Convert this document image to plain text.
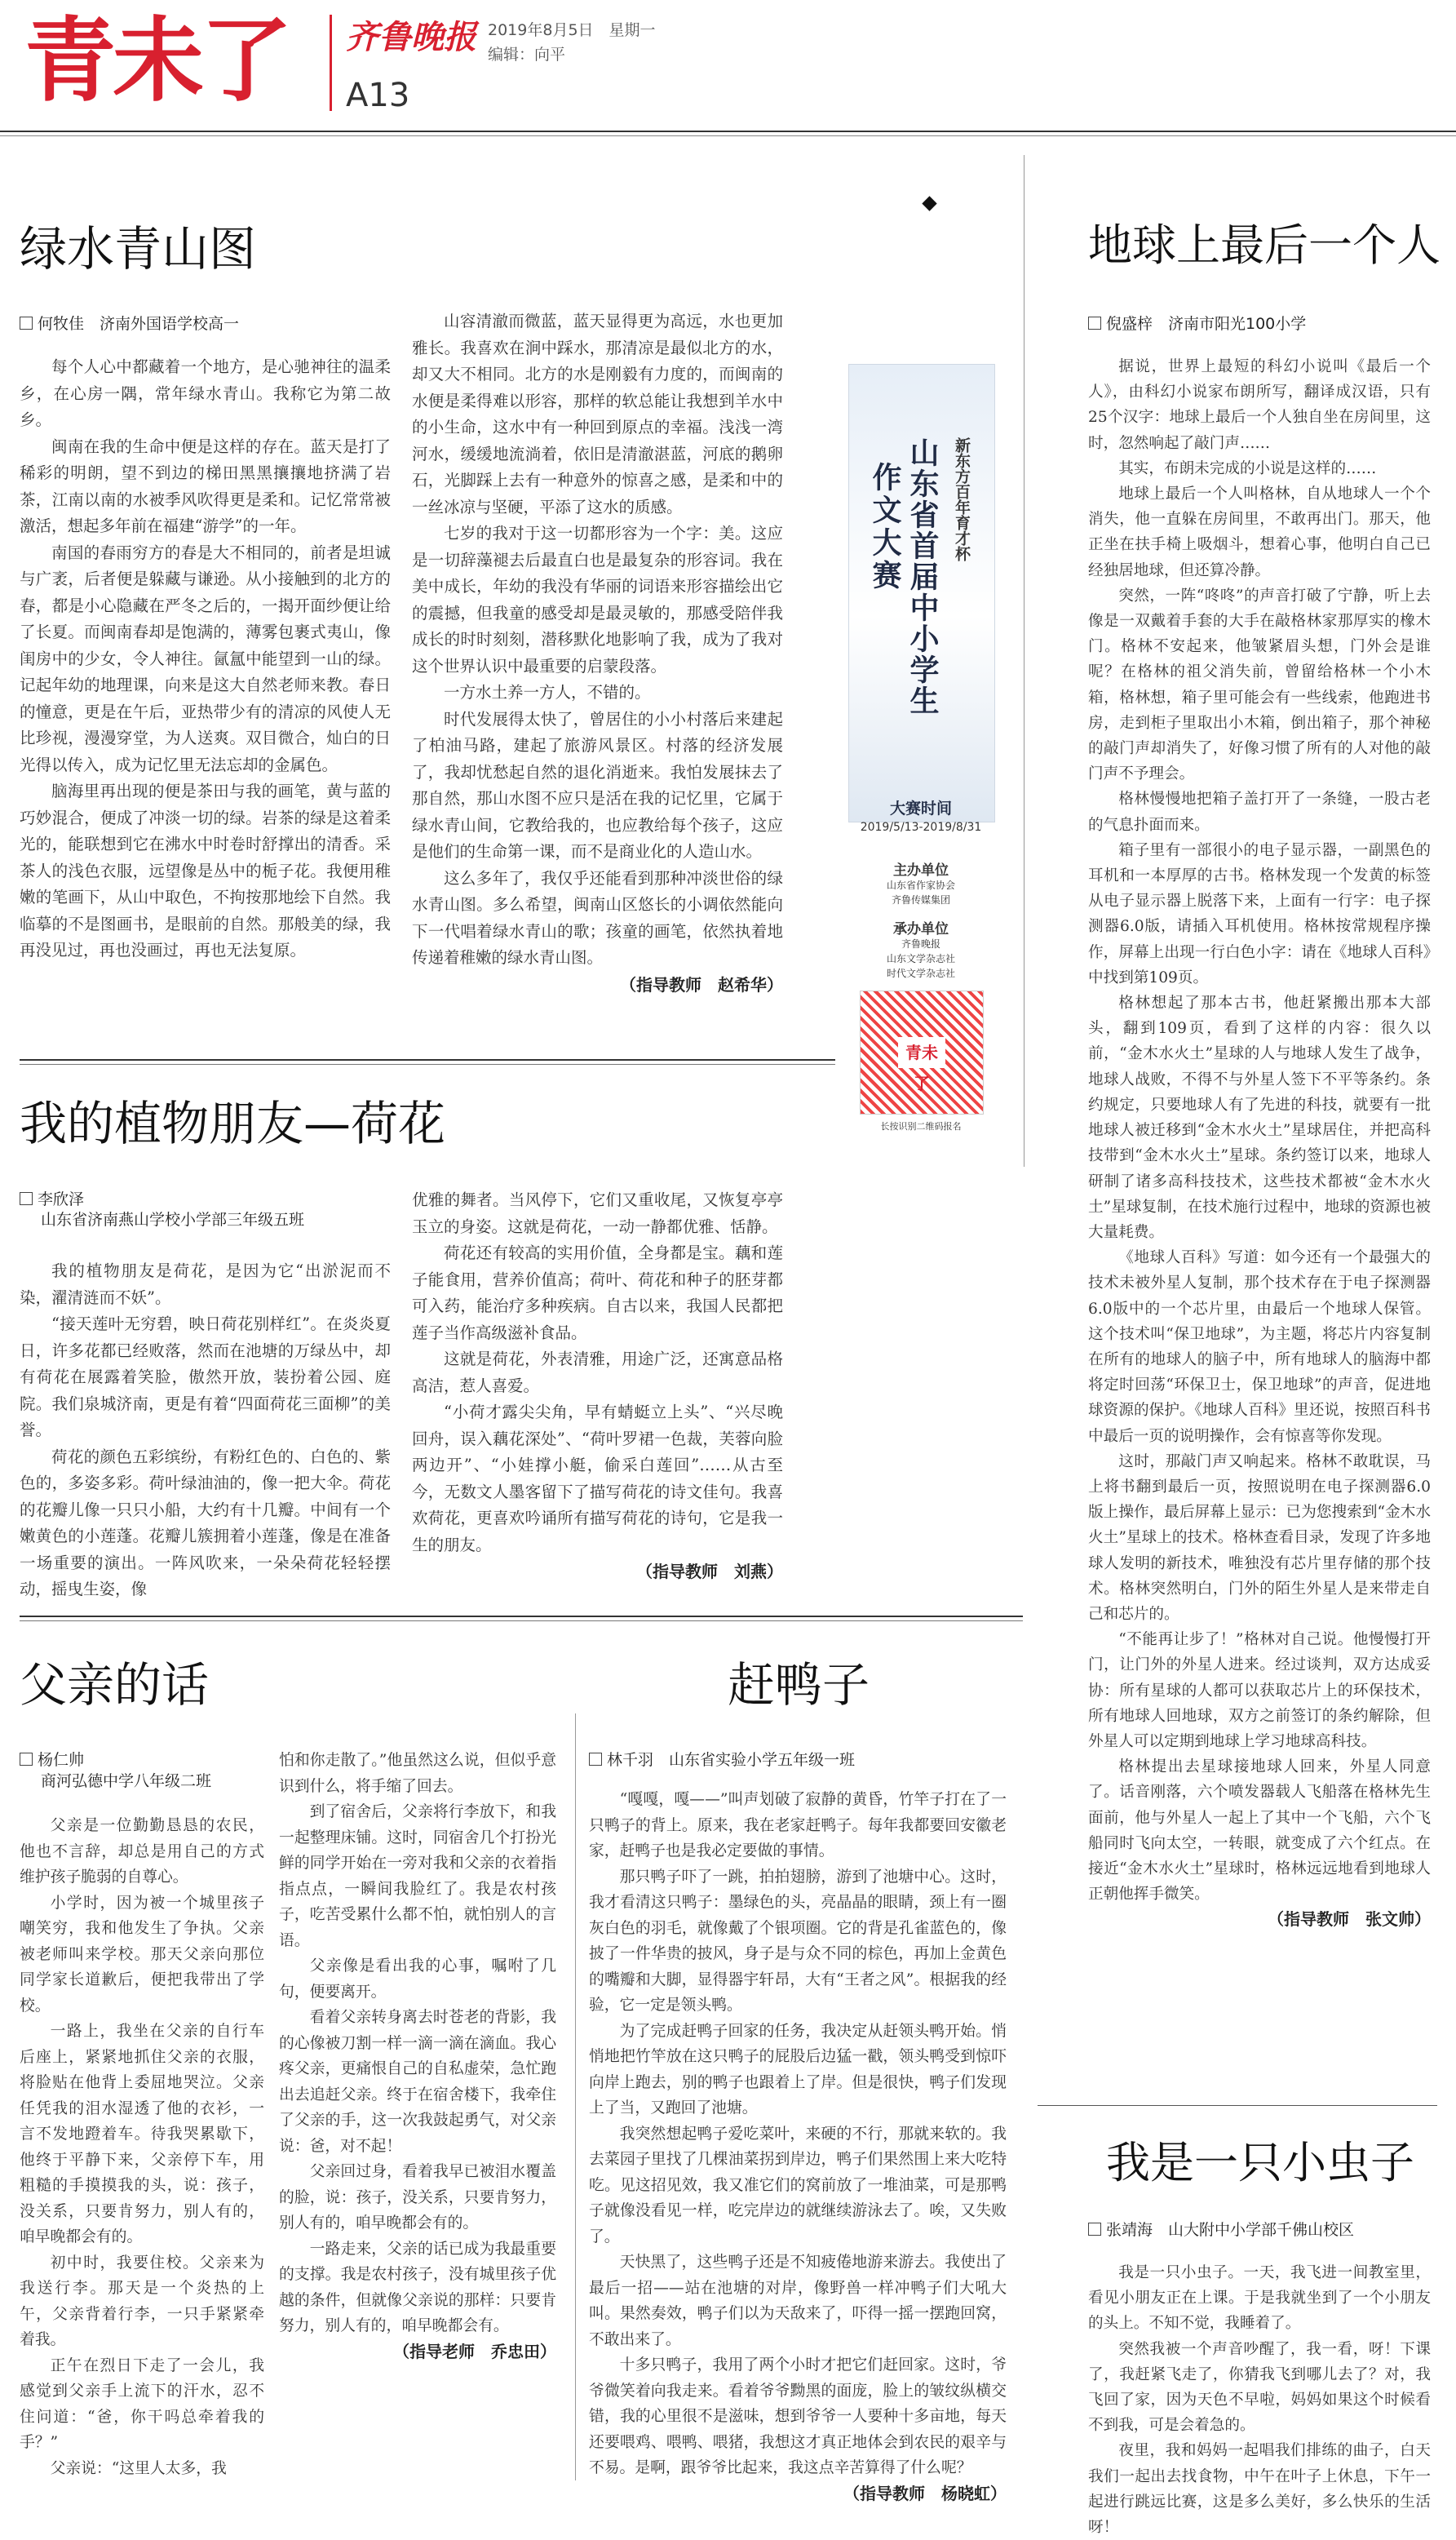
青未了 齐鲁晚报 2019年8月5日　星期一
编辑：向平
A13
绿水青山图
何牧佳　济南外国语学校高一

每个人心中都藏着一个地方，是心驰神往的温柔乡，在心房一隅，常年绿水青山。我称它为第二故乡。

闽南在我的生命中便是这样的存在。蓝天是打了稀彩的明朗，望不到边的梯田黑黑攘攘地挤满了岩茶，江南以南的水被季风吹得更是柔和。记忆常常被激活，想起多年前在福建“游学”的一年。

南国的春雨穷方的春是大不相同的，前者是坦诚与广袤，后者便是躲藏与谦逊。从小接触到的北方的春，都是小心隐藏在严冬之后的，一揭开面纱便让给了长夏。而闽南春却是饱满的，薄雾包裹式夷山，像闺房中的少女，令人神往。氤氲中能望到一山的绿。记起年幼的地理课，向来是这大自然老师来教。春日的憧意，更是在午后，亚热带少有的清凉的风使人无比珍视，漫漫穿堂，为人送爽。双目微合，灿白的日光得以传入，成为记忆里无法忘却的金属色。

脑海里再出现的便是茶田与我的画笔，黄与蓝的巧妙混合，便成了冲淡一切的绿。岩茶的绿是这着柔光的，能联想到它在沸水中时卷时舒撑出的清香。采茶人的浅色衣服，远望像是丛中的栀子花。我便用稚嫩的笔画下，从山中取色，不拘按那地绘下自然。我临摹的不是图画书，是眼前的自然。那般美的绿，我再没见过，再也没画过，再也无法复原。

山容清澈而微蓝，蓝天显得更为高远，水也更加雅长。我喜欢在涧中踩水，那清凉是最似北方的水，却又大不相同。北方的水是刚毅有力度的，而闽南的水便是柔得难以形容，那样的软总能让我想到羊水中的小生命，这水中有一种回到原点的幸福。浅浅一湾河水，缓缓地流淌着，依旧是清澈湛蓝，河底的鹅卵石，光脚踩上去有一种意外的惊喜之感，是柔和中的一丝冰凉与坚硬，平添了这水的质感。

七岁的我对于这一切都形容为一个字：美。这应是一切辞藻褪去后最直白也是最复杂的形容词。我在美中成长，年幼的我没有华丽的词语来形容描绘出它的震撼，但我童的感受却是最灵敏的，那感受陪伴我成长的时时刻刻，潜移默化地影响了我，成为了我对这个世界认识中最重要的启蒙段落。

一方水土养一方人，不错的。

时代发展得太快了，曾居住的小小村落后来建起了柏油马路，建起了旅游风景区。村落的经济发展了，我却忧愁起自然的退化消逝来。我怕发展抹去了那自然，那山水图不应只是活在我的记忆里，它属于绿水青山间，它教给我的，也应教给每个孩子，这应是他们的生命第一课，而不是商业化的人造山水。

这么多年了，我仅乎还能看到那种冲淡世俗的绿水青山图。多么希望，闽南山区悠长的小调依然能向下一代唱着绿水青山的歌；孩童的画笔，依然执着地传递着稚嫩的绿水青山图。

（指导教师　赵希华）
新东方百年育才杯
山东省首届中小学生
作文大赛
大赛时间
2019/5/13-2019/8/31
主办单位
山东省作家协会
齐鲁传媒集团
承办单位
齐鲁晚报
山东文学杂志社
时代文学杂志社
青未了
长按识别二维码报名
地球上最后一个人
倪盛梓　济南市阳光100小学

据说，世界上最短的科幻小说叫《最后一个人》，由科幻小说家布朗所写，翻译成汉语，只有25个汉字：地球上最后一个人独自坐在房间里，这时，忽然响起了敲门声……

其实，布朗未完成的小说是这样的……

地球上最后一个人叫格林，自从地球人一个个消失，他一直躲在房间里，不敢再出门。那天，他正坐在扶手椅上吸烟斗，想着心事，他明白自己已经独居地球，但还算冷静。

突然，一阵“咚咚”的声音打破了宁静，听上去像是一双戴着手套的大手在敲格林家那厚实的橡木门。格林不安起来，他皱紧眉头想，门外会是谁呢？在格林的祖父消失前，曾留给格林一个小木箱，格林想，箱子里可能会有一些线索，他跑进书房，走到柜子里取出小木箱，倒出箱子，那个神秘的敲门声却消失了，好像习惯了所有的人对他的敲门声不予理会。

格林慢慢地把箱子盖打开了一条缝，一股古老的气息扑面而来。

箱子里有一部很小的电子显示器，一副黑色的耳机和一本厚厚的古书。格林发现一个发黄的标签从电子显示器上脱落下来，上面有一行字：电子探测器6.0版，请插入耳机使用。格林按常规程序操作，屏幕上出现一行白色小字：请在《地球人百科》中找到第109页。

格林想起了那本古书，他赶紧搬出那本大部头，翻到109页，看到了这样的内容：很久以前，“金木水火土”星球的人与地球人发生了战争，地球人战败，不得不与外星人签下不平等条约。条约规定，只要地球人有了先进的科技，就要有一批地球人被迁移到“金木水火土”星球居住，并把高科技带到“金木水火土”星球。条约签订以来，地球人研制了诸多高科技技术，这些技术都被“金木水火土”星球复制，在技术施行过程中，地球的资源也被大量耗费。

《地球人百科》写道：如今还有一个最强大的技术未被外星人复制，那个技术存在于电子探测器6.0版中的一个芯片里，由最后一个地球人保管。这个技术叫“保卫地球”，为主题，将芯片内容复制在所有的地球人的脑子中，所有地球人的脑海中都将定时回荡“环保卫士，保卫地球”的声音，促进地球资源的保护。《地球人百科》里还说，按照百科书中最后一页的说明操作，会有惊喜等你发现。

这时，那敲门声又响起来。格林不敢耽误，马上将书翻到最后一页，按照说明在电子探测器6.0版上操作，最后屏幕上显示：已为您搜索到“金木水火土”星球上的技术。格林查看目录，发现了许多地球人发明的新技术，唯独没有芯片里存储的那个技术。格林突然明白，门外的陌生外星人是来带走自己和芯片的。

“不能再让步了！”格林对自己说。他慢慢打开门，让门外的外星人进来。经过谈判，双方达成妥协：所有星球的人都可以获取芯片上的环保技术，所有地球人回地球，双方之前签订的条约解除，但外星人可以定期到地球上学习地球高科技。

格林提出去星球接地球人回来，外星人同意了。话音刚落，六个喷发器载人飞船落在格林先生面前，他与外星人一起上了其中一个飞船，六个飞船同时飞向太空，一转眼，就变成了六个红点。在接近“金木水火土”星球时，格林远远地看到地球人正朝他挥手微笑。

（指导教师　张文帅）
我的植物朋友—荷花
李欣泽
山东省济南燕山学校小学部三年级五班

我的植物朋友是荷花，是因为它“出淤泥而不染，濯清涟而不妖”。

“接天莲叶无穷碧，映日荷花别样红”。在炎炎夏日，许多花都已经败落，然而在池塘的万绿丛中，却有荷花在展露着笑脸，傲然开放，装扮着公园、庭院。我们泉城济南，更是有着“四面荷花三面柳”的美誉。

荷花的颜色五彩缤纷，有粉红色的、白色的、紫色的，多姿多彩。荷叶绿油油的，像一把大伞。荷花的花瓣儿像一只只小船，大约有十几瓣。中间有一个嫩黄色的小莲蓬。花瓣儿簇拥着小莲蓬，像是在准备一场重要的演出。一阵风吹来，一朵朵荷花轻轻摆动，摇曳生姿，像

优雅的舞者。当风停下，它们又重收尾，又恢复亭亭玉立的身姿。这就是荷花，一动一静都优雅、恬静。

荷花还有较高的实用价值，全身都是宝。藕和莲子能食用，营养价值高；荷叶、荷花和种子的胚芽都可入药，能治疗多种疾病。自古以来，我国人民都把莲子当作高级滋补食品。

这就是荷花，外表清雅，用途广泛，还寓意品格高洁，惹人喜爱。

“小荷才露尖尖角，早有蜻蜓立上头”、“兴尽晚回舟，误入藕花深处”、“荷叶罗裙一色裁，芙蓉向脸两边开”、“小娃撑小艇，偷采白莲回”……从古至今，无数文人墨客留下了描写荷花的诗文佳句。我喜欢荷花，更喜欢吟诵所有描写荷花的诗句，它是我一生的朋友。

（指导教师　刘燕）
父亲的话
杨仁帅
商河弘德中学八年级二班

父亲是一位勤勤恳恳的农民，他也不言辞，却总是用自己的方式维护孩子脆弱的自尊心。

小学时，因为被一个城里孩子嘲笑穷，我和他发生了争执。父亲被老师叫来学校。那天父亲向那位同学家长道歉后，便把我带出了学校。

一路上，我坐在父亲的自行车后座上，紧紧地抓住父亲的衣服，将脸贴在他背上委屈地哭泣。父亲任凭我的泪水湿透了他的衣衫，一言不发地蹬着车。待我哭累歇下，他终于平静下来，父亲停下车，用粗糙的手摸摸我的头，说：孩子，没关系，只要肯努力，别人有的，咱早晚都会有的。

初中时，我要住校。父亲来为我送行李。那天是一个炎热的上午，父亲背着行李，一只手紧紧牵着我。

正午在烈日下走了一会儿，我感觉到父亲手上流下的汗水，忍不住问道：“爸，你干吗总牵着我的手？”

父亲说：“这里人太多，我

怕和你走散了。”他虽然这么说，但似乎意识到什么，将手缩了回去。

到了宿舍后，父亲将行李放下，和我一起整理床铺。这时，同宿舍几个打扮光鲜的同学开始在一旁对我和父亲的衣着指指点点，一瞬间我脸红了。我是农村孩子，吃苦受累什么都不怕，就怕别人的言语。

父亲像是看出我的心事，嘱咐了几句，便要离开。

看着父亲转身离去时苍老的背影，我的心像被刀割一样一滴一滴在滴血。我心疼父亲，更痛恨自己的自私虚荣，急忙跑出去追赶父亲。终于在宿舍楼下，我牵住了父亲的手，这一次我鼓起勇气，对父亲说：爸，对不起！

父亲回过身，看着我早已被泪水覆盖的脸，说：孩子，没关系，只要肯努力，别人有的，咱早晚都会有的。

一路走来，父亲的话已成为我最重要的支撑。我是农村孩子，没有城里孩子优越的条件，但就像父亲说的那样：只要肯努力，别人有的，咱早晚都会有。

（指导老师　乔忠田）
赶鸭子
林千羽　山东省实验小学五年级一班

“嘎嘎，嘎——”叫声划破了寂静的黄昏，竹竿子打在了一只鸭子的背上。原来，我在老家赶鸭子。每年我都要回安徽老家，赶鸭子也是我必定要做的事情。

那只鸭子吓了一跳，拍拍翅膀，游到了池塘中心。这时，我才看清这只鸭子：墨绿色的头，亮晶晶的眼睛，颈上有一圈灰白色的羽毛，就像戴了个银项圈。它的背是孔雀蓝色的，像披了一件华贵的披风，身子是与众不同的棕色，再加上金黄色的嘴瓣和大脚，显得器宇轩昂，大有“王者之风”。根据我的经验，它一定是领头鸭。

为了完成赶鸭子回家的任务，我决定从赶领头鸭开始。悄悄地把竹竿放在这只鸭子的屁股后边猛一戳，领头鸭受到惊吓向岸上跑去，别的鸭子也跟着上了岸。但是很快，鸭子们发现上了当，又跑回了池塘。

我突然想起鸭子爱吃菜叶，来硬的不行，那就来软的。我去菜园子里找了几棵油菜拐到岸边，鸭子们果然围上来大吃特吃。见这招见效，我又准它们的窝前放了一堆油菜，可是那鸭子就像没看见一样，吃完岸边的就继续游泳去了。唉，又失败了。

天快黑了，这些鸭子还是不知疲倦地游来游去。我使出了最后一招——站在池塘的对岸，像野兽一样冲鸭子们大吼大叫。果然奏效，鸭子们以为天敌来了，吓得一摇一摆跑回窝，不敢出来了。

十多只鸭子，我用了两个小时才把它们赶回家。这时，爷爷微笑着向我走来。看着爷爷黝黑的面庞，脸上的皱纹纵横交错，我的心里很不是滋味，想到爷爷一人要种十多亩地，每天还要喂鸡、喂鸭、喂猪，我想这才真正地体会到农民的艰辛与不易。是啊，跟爷爷比起来，我这点辛苦算得了什么呢？

（指导教师　杨晓虹）
我是一只小虫子
张靖海　山大附中小学部千佛山校区

我是一只小虫子。一天，我飞进一间教室里，看见小朋友正在上课。于是我就坐到了一个小朋友的头上。不知不觉，我睡着了。

突然我被一个声音吵醒了，我一看，呀！下课了，我赶紧飞走了，你猜我飞到哪儿去了？对，我飞回了家，因为天色不早啦，妈妈如果这个时候看不到我，可是会着急的。

夜里，我和妈妈一起唱我们排练的曲子，白天我们一起出去找食物，中午在叶子上休息，下午一起进行跳远比赛，这是多么美好，多么快乐的生活呀！
